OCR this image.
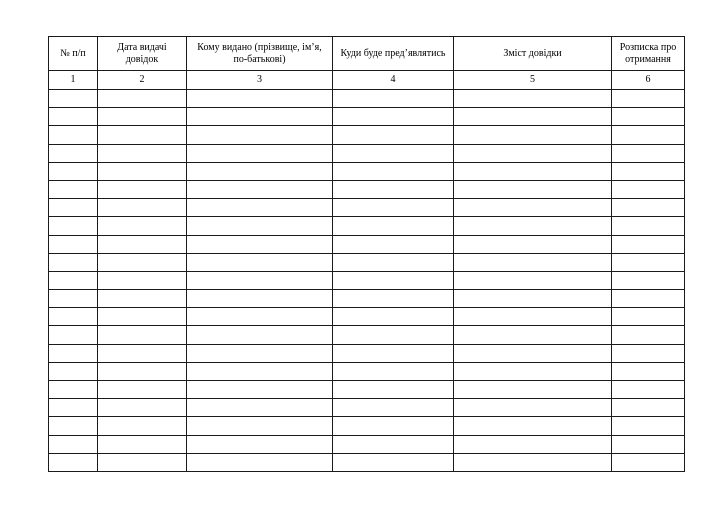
№ п/п	Дата видачі довідок	Кому видано (прізвище, ім’я, по-батькові)	Куди буде пред’являтись	Зміст довідки	Розписка про отримання
1	2	3	4	5	6
